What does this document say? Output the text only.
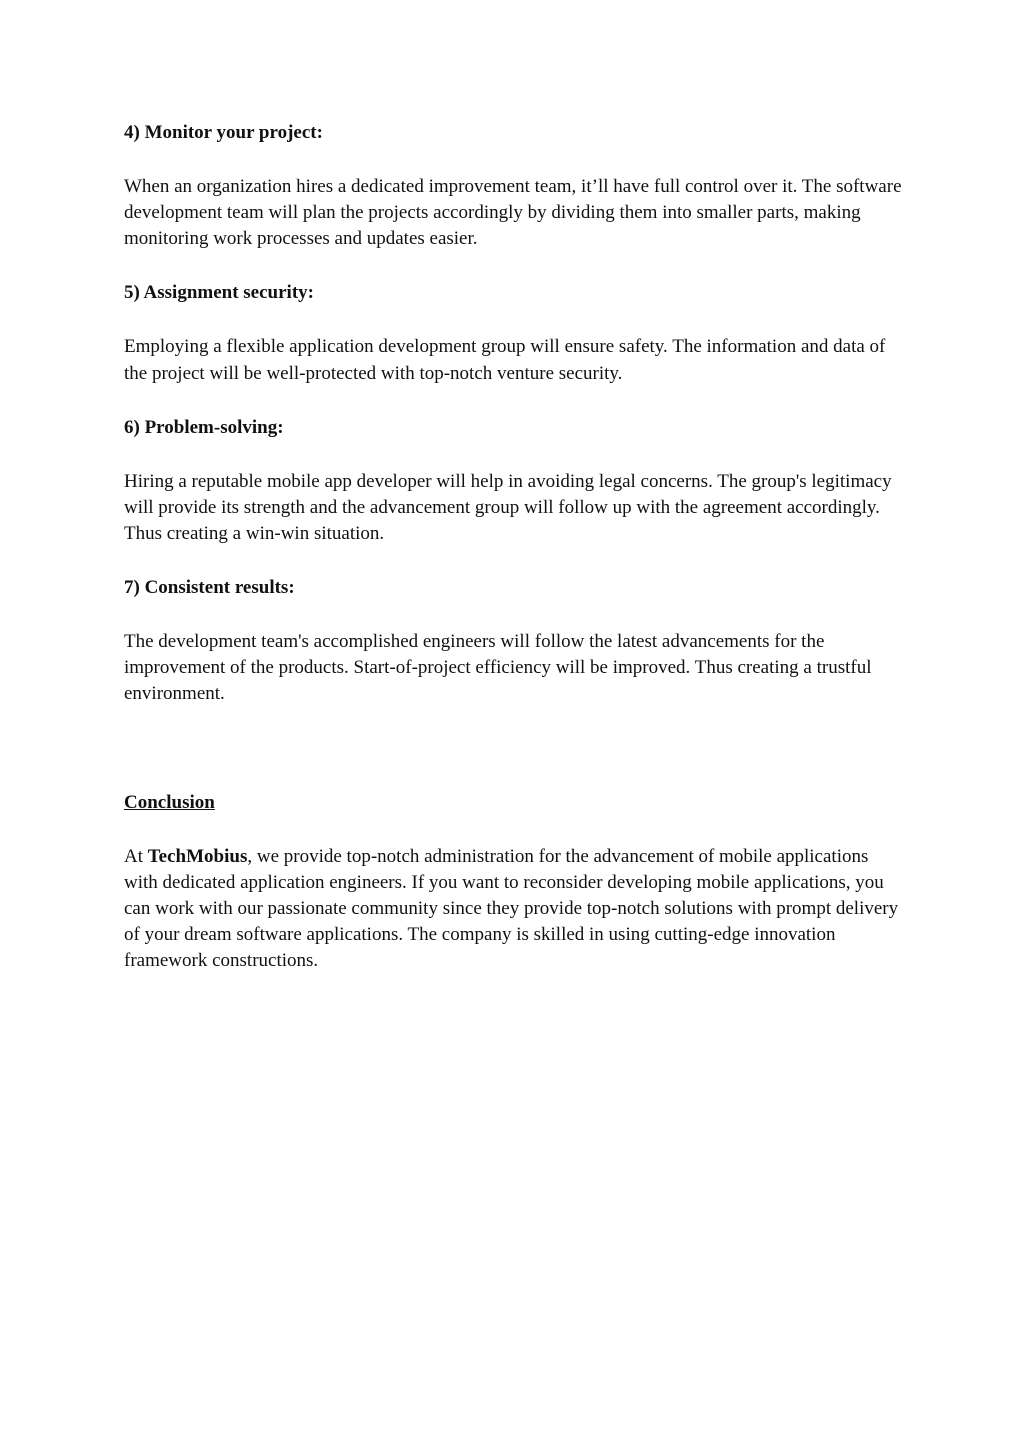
4) Monitor your project:

When an organization hires a dedicated improvement team, it’ll have full control over it. The software development team will plan the projects accordingly by dividing them into smaller parts, making monitoring work processes and updates easier.

5) Assignment security:

Employing a flexible application development group will ensure safety. The information and data of the project will be well-protected with top-notch venture security.

6) Problem-solving:

Hiring a reputable mobile app developer will help in avoiding legal concerns. The group's legitimacy will provide its strength and the advancement group will follow up with the agreement accordingly. Thus creating a win-win situation.

7) Consistent results:

The development team's accomplished engineers will follow the latest advancements for the improvement of the products. Start-of-project efficiency will be improved. Thus creating a trustful environment.

Conclusion

At TechMobius, we provide top-notch administration for the advancement of mobile applications with dedicated application engineers. If you want to reconsider developing mobile applications, you can work with our passionate community since they provide top-notch solutions with prompt delivery of your dream software applications. The company is skilled in using cutting-edge innovation framework constructions.
